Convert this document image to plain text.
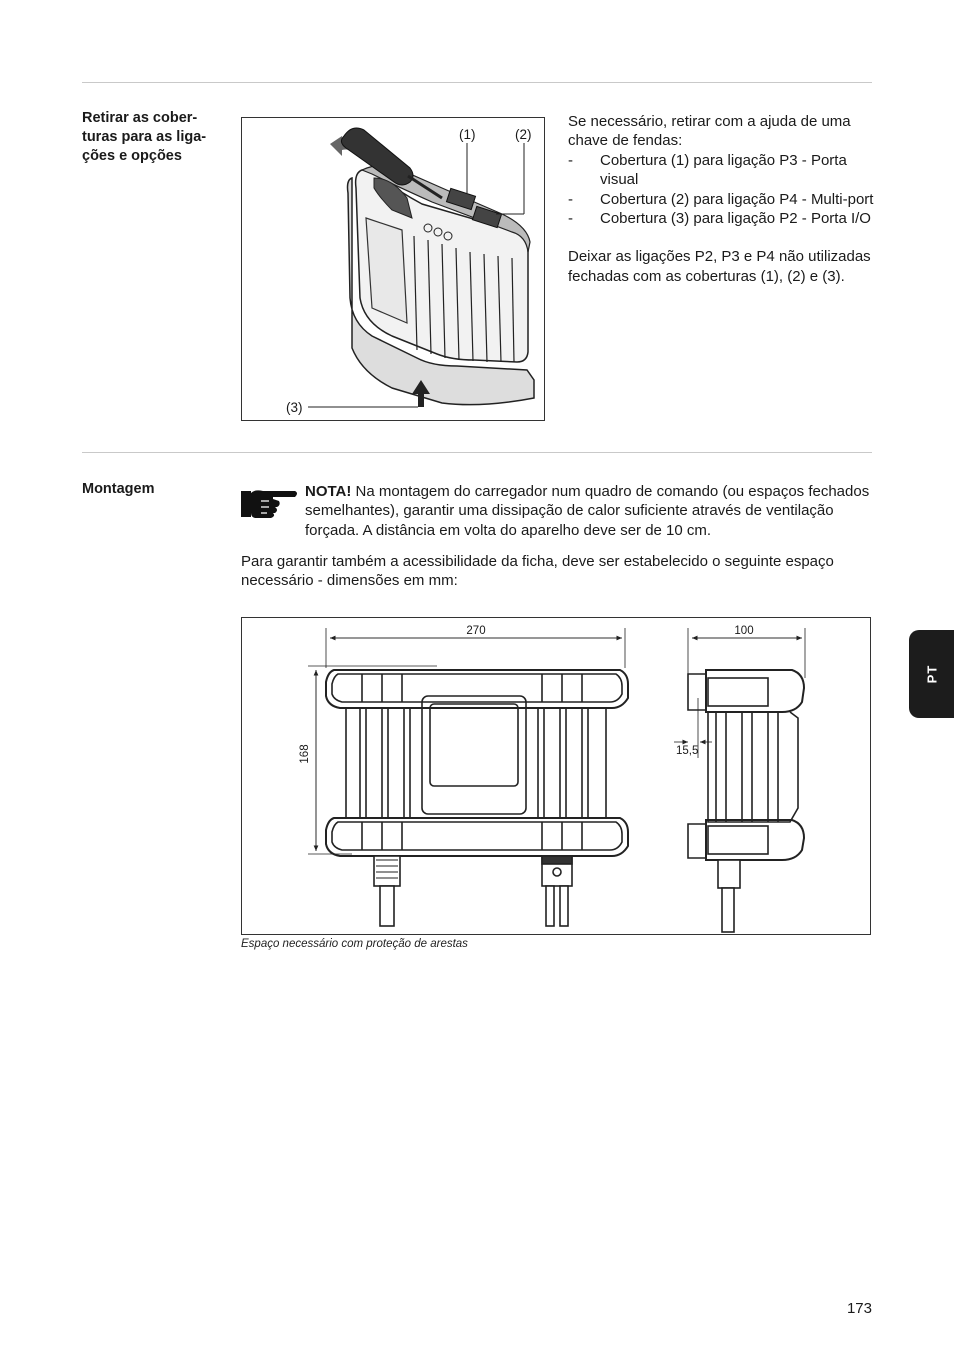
Retirar as cober-
turas para as liga-
ções e opções
(1)	(2)
(3)

Se necessário, retirar com a ajuda de uma chave de fendas:

- Cobertura (1) para ligação P3 - Porta visual
- Cobertura (2) para ligação P4 - Multi-port
- Cobertura (3) para ligação P2 - Porta I/O

Deixar as ligações P2, P3 e P4 não utilizadas fechadas com as coberturas (1), (2) e (3).

Montagem	NOTA! Na montagem do carregador num quadro de comando (ou espaços fechados semelhantes), garantir uma dissipação de calor suficiente através de ventilação forçada. A distância em volta do aparelho deve ser de 10 cm.
Para garantir também a acessibilidade da ficha, deve ser estabelecido o seguinte espaço necessário - dimensões em mm:
270	100
168	15,5
Espaço necessário com proteção de arestas
PT
173
